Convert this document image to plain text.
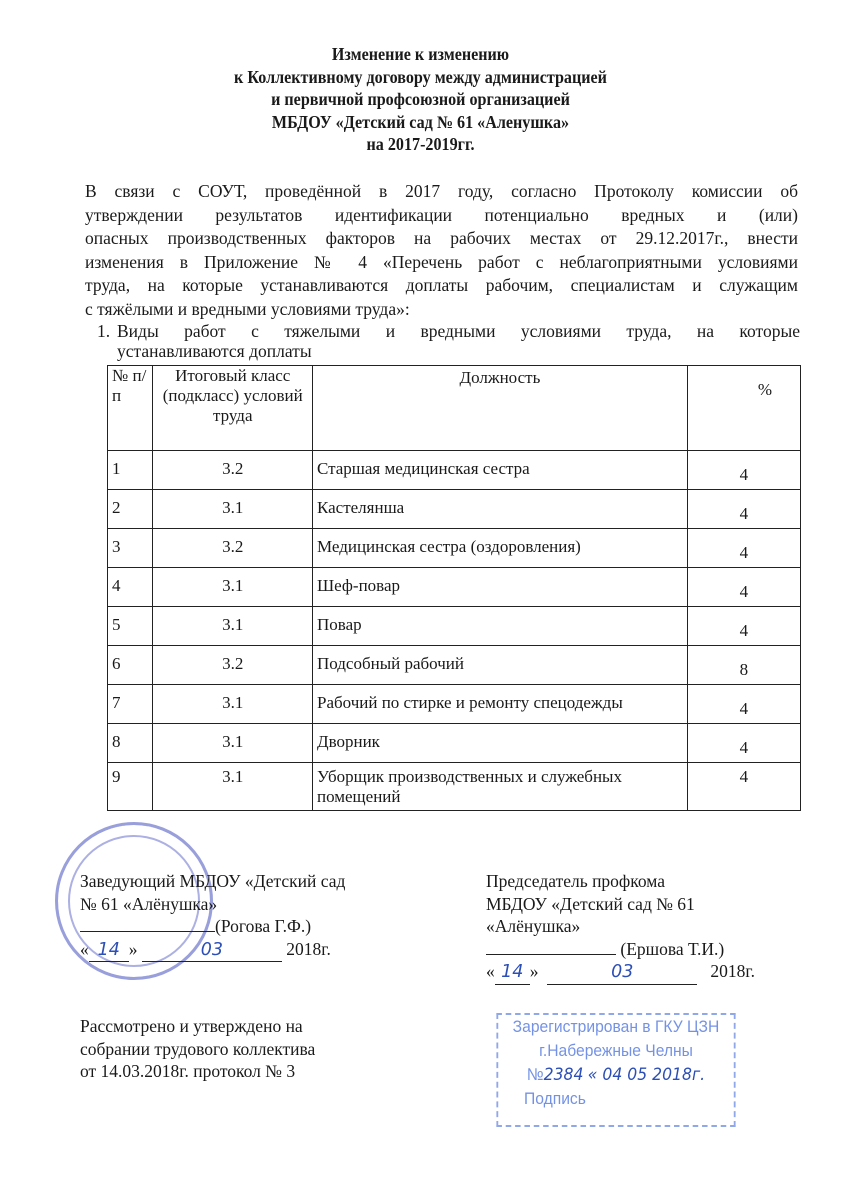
Изменение к изменению
к Коллективному договору между администрацией
и первичной профсоюзной организацией
МБДОУ «Детский сад № 61 «Аленушка»
на 2017-2019гг.
В связи с СОУТ, проведённой в 2017 году, согласно Протоколу комиссии об
утверждении результатов идентификации потенциально вредных и (или)
опасных производственных факторов на рабочих местах от 29.12.2017г., внести
изменения в Приложение № 4 «Перечень работ с неблагоприятными условиями
труда, на которые устанавливаются доплаты рабочим, специалистам и служащим
с тяжёлыми и вредными условиями труда»:
1. Виды работ с тяжелыми и вредными условиями труда, на которые
устанавливаются доплаты
№ п/п	Итоговый класс (подкласс) условий труда	Должность	%
1	3.2	Старшая медицинская сестра	4
2	3.1	Кастелянша	4
3	3.2	Медицинская сестра (оздоровления)	4
4	3.1	Шеф-повар	4
5	3.1	Повар	4
6	3.2	Подсобный рабочий	8
7	3.1	Рабочий по стирке и ремонту спецодежды	4
8	3.1	Дворник	4
9	3.1	Уборщик производственных и служебных помещений	4
Заведующий МБДОУ «Детский сад
№ 61 «Алёнушка»
(Рогова Г.Ф.)
« 14 »	03	2018г.
Председатель профкома
МБДОУ «Детский сад № 61
«Алёнушка»
(Ершова Т.И.)
« 14 »	03	2018г.
Рассмотрено и утверждено на
собрании трудового коллектива
от 14.03.2018г. протокол № 3
Зарегистрирован в ГКУ ЦЗН
г.Набережные Челны
№2384 « 04 05 2018г.
Подпись
